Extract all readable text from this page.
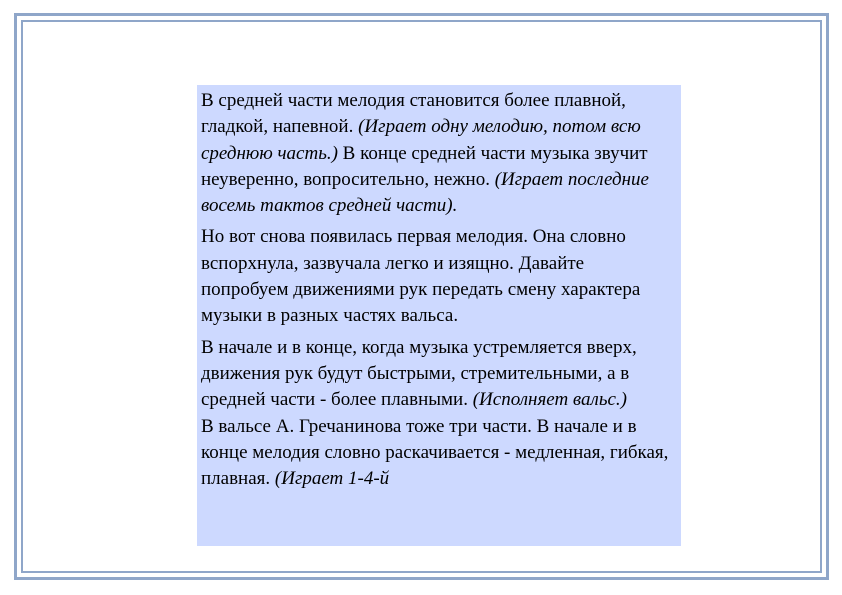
В средней части мелодия становится более плавной, гладкой, напевной. (Играет одну мелодию, потом всю среднюю часть.) В конце средней части музыка звучит неуверенно, вопросительно, нежно. (Играет последние восемь тактов средней части).

Но вот снова появилась первая мелодия. Она словно вспорхнула, зазвучала легко и изящно. Давайте попробуем движениями рук передать смену характера музыки в разных частях вальса.

В начале и в конце, когда музыка устремляется вверх, движения рук будут быстрыми, стремительными, а в средней части - более плавными. (Исполняет вальс.)

В вальсе А. Гречанинова тоже три части. В начале и в конце мелодия словно раскачивается - медленная, гибкая, плавная. (Играет 1-4-й
